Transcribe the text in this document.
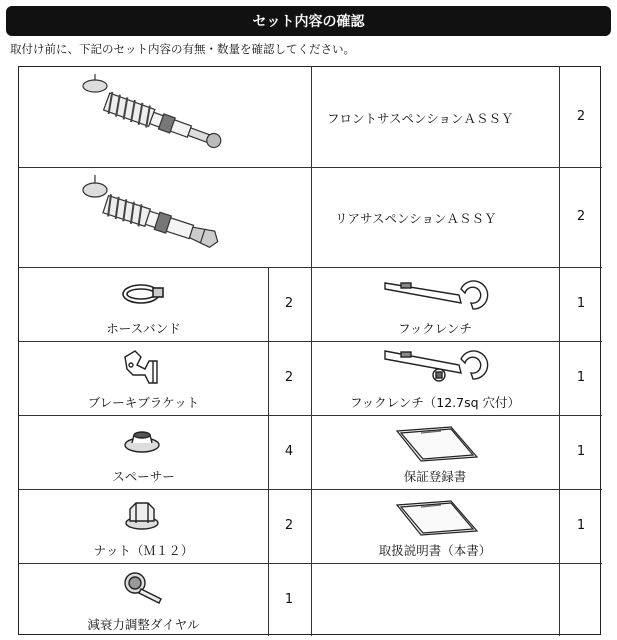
セット内容の確認
取付け前に、下記のセット内容の有無・数量を確認してください。
フロントサスペンションＡＳＳＹ	2
リアサスペンションＡＳＳＹ	2
ホースバンド
2
フックレンチ
1
ブレーキブラケット
2
フックレンチ（12.7sq 穴付）
1
スペーサー
4
保証登録書
1
ナット（Ｍ１２）
2
取扱説明書（本書）
1
減衰力調整ダイヤル
1
